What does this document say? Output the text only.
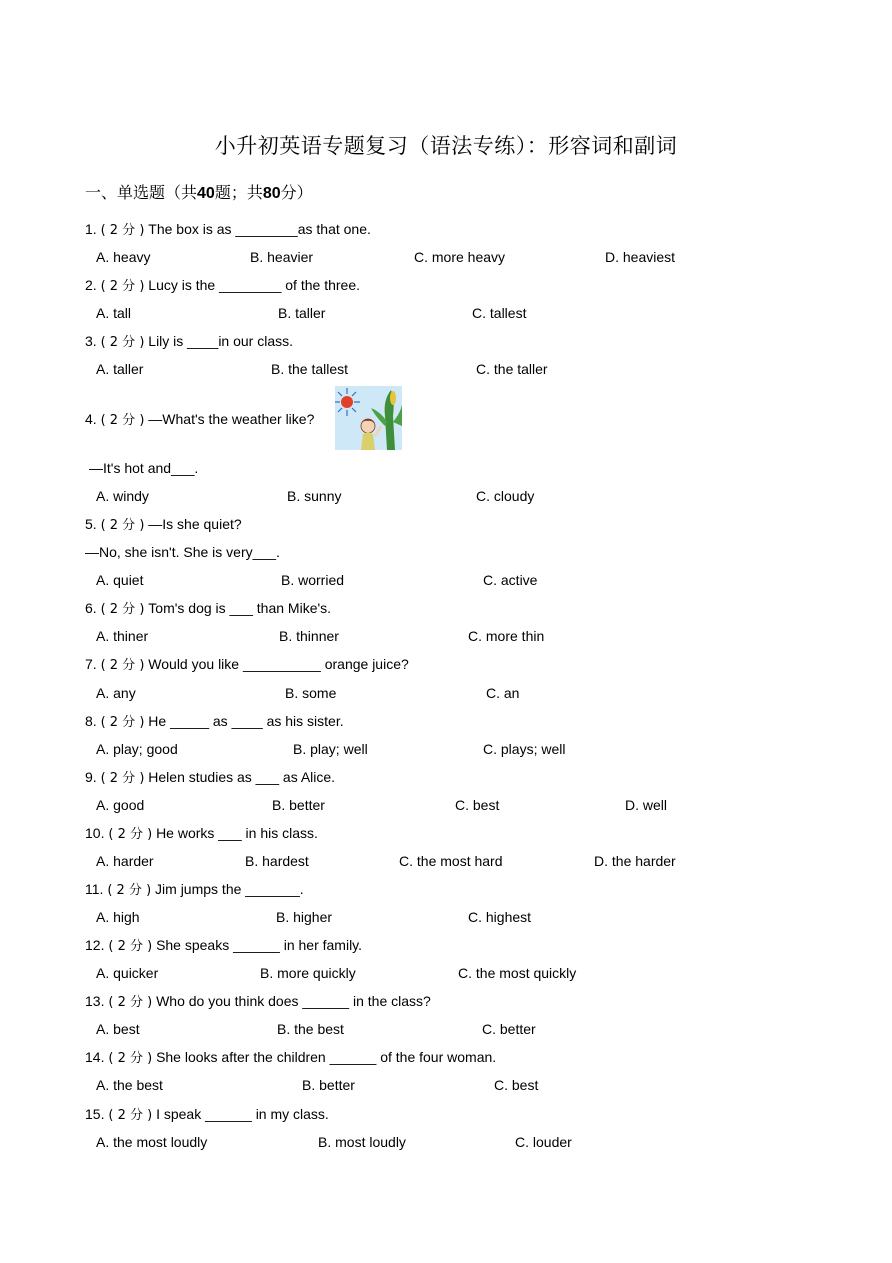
小升初英语专题复习（语法专练）：形容词和副词
一、单选题（共40题；共80分）
1. ( 2 分 ) The box is as ________as that one.
A. heavy	B. heavier	C. more heavy	D. heaviest
2. ( 2 分 ) Lucy is the ________ of the three.
A. tall	B. taller	C. tallest
3. ( 2 分 ) Lily is ____in our class.
A. taller	B. the tallest	C. the taller
4. ( 2 分 ) —What's the weather like?
—It's hot and___.
A. windy	B. sunny	C. cloudy
5. ( 2 分 ) —Is she quiet?
—No, she isn't. She is very___.
A. quiet	B. worried	C. active
6. ( 2 分 ) Tom's dog is ___ than Mike's.
A. thiner	B. thinner	C. more thin
7. ( 2 分 ) Would you like __________ orange juice?
A. any	B. some	C. an
8. ( 2 分 ) He _____ as ____ as his sister.
A. play; good	B. play; well	C. plays; well
9. ( 2 分 ) Helen studies as ___ as Alice.
A. good	B. better	C. best	D. well
10. ( 2 分 ) He works ___ in his class.
A. harder	B. hardest	C. the most hard	D. the harder
11. ( 2 分 ) Jim jumps the _______.
A. high	B. higher	C. highest
12. ( 2 分 ) She speaks ______ in her family.
A. quicker	B. more quickly	C. the most quickly
13. ( 2 分 ) Who do you think does ______ in the class?
A. best	B. the best	C. better
14. ( 2 分 ) She looks after the children ______ of the four woman.
A. the best	B. better	C. best
15. ( 2 分 ) I speak ______ in my class.
A. the most loudly	B. most loudly	C. louder
